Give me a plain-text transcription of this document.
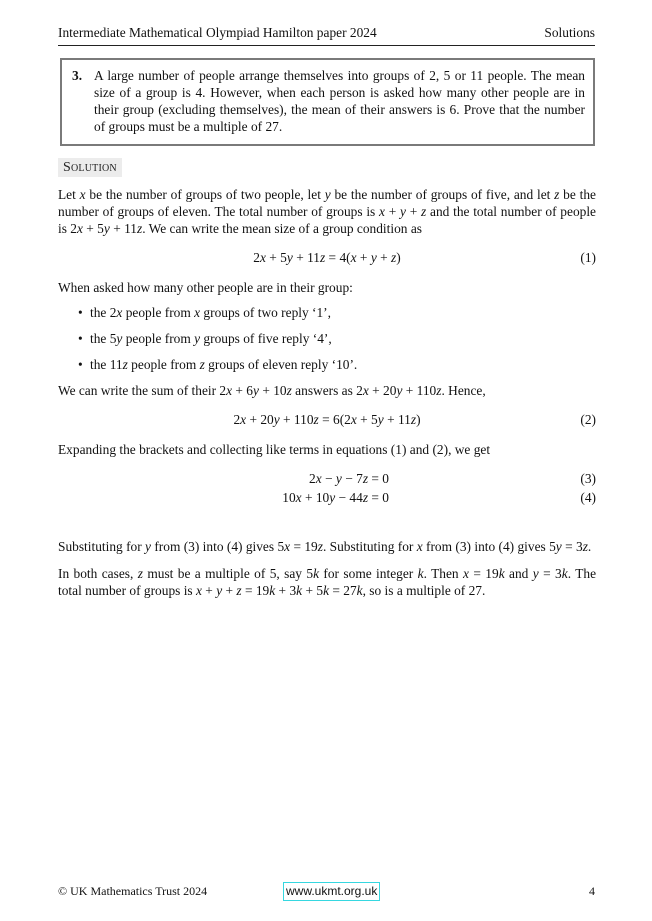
Intermediate Mathematical Olympiad Hamilton paper 2024	Solutions
3. A large number of people arrange themselves into groups of 2, 5 or 11 people. The mean size of a group is 4. However, when each person is asked how many other people are in their group (excluding themselves), the mean of their answers is 6. Prove that the number of groups must be a multiple of 27.

Solution

Let x be the number of groups of two people, let y be the number of groups of five, and let z be the number of groups of eleven. The total number of groups is x + y + z and the total number of people is 2x + 5y + 11z. We can write the mean size of a group condition as

2x + 5y + 11z = 4(x + y + z)	(1)

When asked how many other people are in their group:

• the 2x people from x groups of two reply ‘1’,
• the 5y people from y groups of five reply ‘4’,
• the 11z people from z groups of eleven reply ‘10’.

We can write the sum of their 2x + 6y + 10z answers as 2x + 20y + 110z. Hence,

2x + 20y + 110z = 6(2x + 5y + 11z)	(2)

Expanding the brackets and collecting like terms in equations (1) and (2), we get

2x − y − 7z = 0	(3)
10x + 10y − 44z = 0	(4)

Substituting for y from (3) into (4) gives 5x = 19z. Substituting for x from (3) into (4) gives 5y = 3z.

In both cases, z must be a multiple of 5, say 5k for some integer k. Then x = 19k and y = 3k. The total number of groups is x + y + z = 19k + 3k + 5k = 27k, so is a multiple of 27.

© UK Mathematics Trust 2024	www.ukmt.org.uk	4
